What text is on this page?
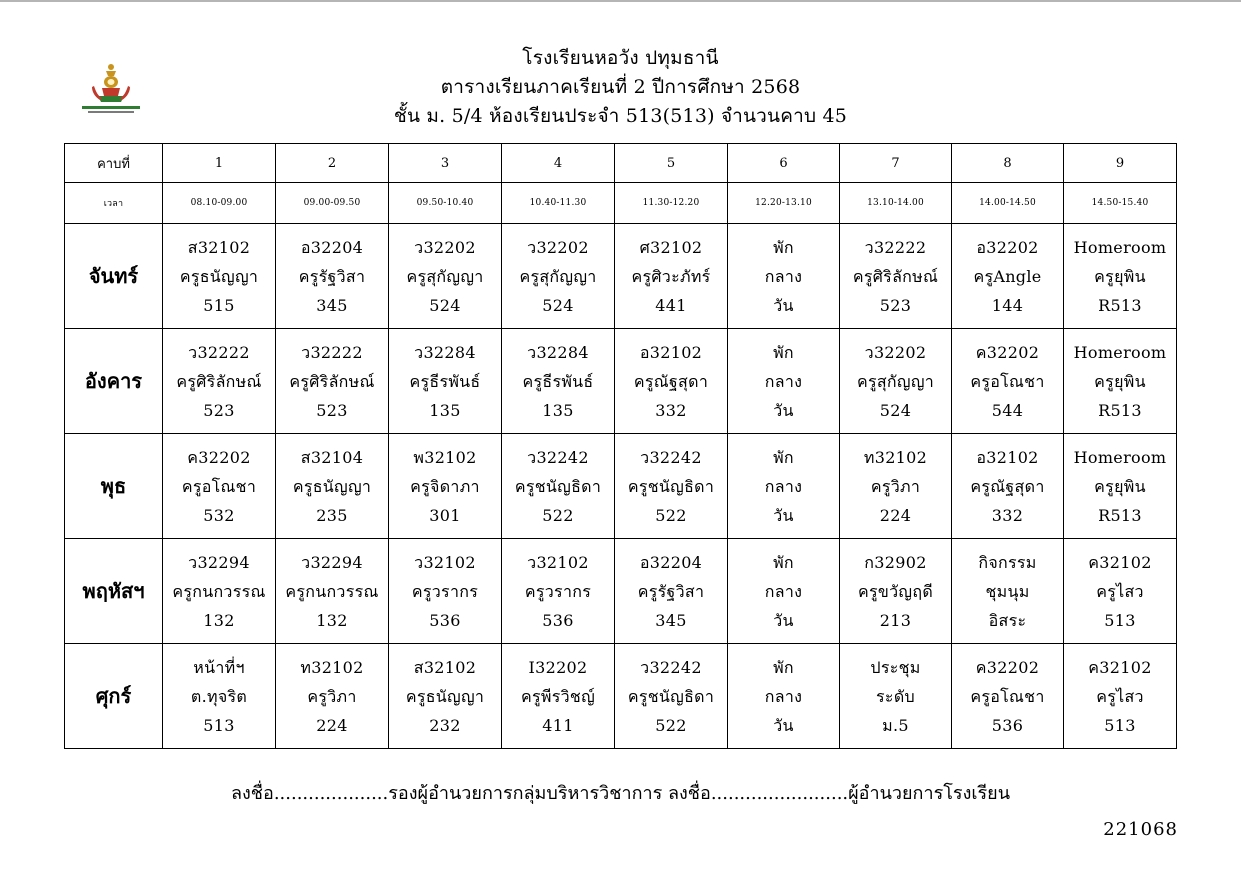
โรงเรียนหอวัง ปทุมธานี
ตารางเรียนภาคเรียนที่ 2 ปีการศึกษา 2568
ชั้น ม. 5/4 ห้องเรียนประจำ 513(513) จำนวนคาบ 45
คาบที่	1	2	3	4	5	6	7	8	9
เวลา	08.10-09.00	09.00-09.50	09.50-10.40	10.40-11.30	11.30-12.20	12.20-13.10	13.10-14.00	14.00-14.50	14.50-15.40
จันทร์	ส32102
ครูธนัญญา
515	อ32204
ครูรัฐวิสา
345	ว32202
ครูสุกัญญา
524	ว32202
ครูสุกัญญา
524	ศ32102
ครูศิวะภัทร์
441	พัก
กลาง
วัน	ว32222
ครูศิริลักษณ์
523	อ32202
ครูAngle
144	Homeroom
ครูยุพิน
R513

อังคาร	ว32222
ครูศิริลักษณ์
523	ว32222
ครูศิริลักษณ์
523	ว32284
ครูธีรพันธ์
135	ว32284
ครูธีรพันธ์
135	อ32102
ครูณัฐสุดา
332	พัก
กลาง
วัน	ว32202
ครูสุกัญญา
524	ค32202
ครูอโณชา
544	Homeroom
ครูยุพิน
R513

พุธ	ค32202
ครูอโณชา
532	ส32104
ครูธนัญญา
235	พ32102
ครูจิดาภา
301	ว32242
ครูชนัญธิดา
522	ว32242
ครูชนัญธิดา
522	พัก
กลาง
วัน	ท32102
ครูวิภา
224	อ32102
ครูณัฐสุดา
332	Homeroom
ครูยุพิน
R513

พฤหัสฯ	ว32294
ครูกนกวรรณ
132	ว32294
ครูกนกวรรณ
132	ว32102
ครูวรากร
536	ว32102
ครูวรากร
536	อ32204
ครูรัฐวิสา
345	พัก
กลาง
วัน	ก32902
ครูขวัญฤดี
213	กิจกรรม
ชุมนุม
อิสระ	ค32102
ครูไสว
513

ศุกร์	หน้าที่ฯ
ต.ทุจริต
513	ท32102
ครูวิภา
224	ส32102
ครูธนัญญา
232	I32202
ครูพีรวิชญ์
411	ว32242
ครูชนัญธิดา
522	พัก
กลาง
วัน	ประชุม
ระดับ
ม.5	ค32202
ครูอโณชา
536	ค32102
ครูไสว
513
ลงชื่อ....................รองผู้อำนวยการกลุ่มบริหารวิชาการ ลงชื่อ........................ผู้อำนวยการโรงเรียน
221068
